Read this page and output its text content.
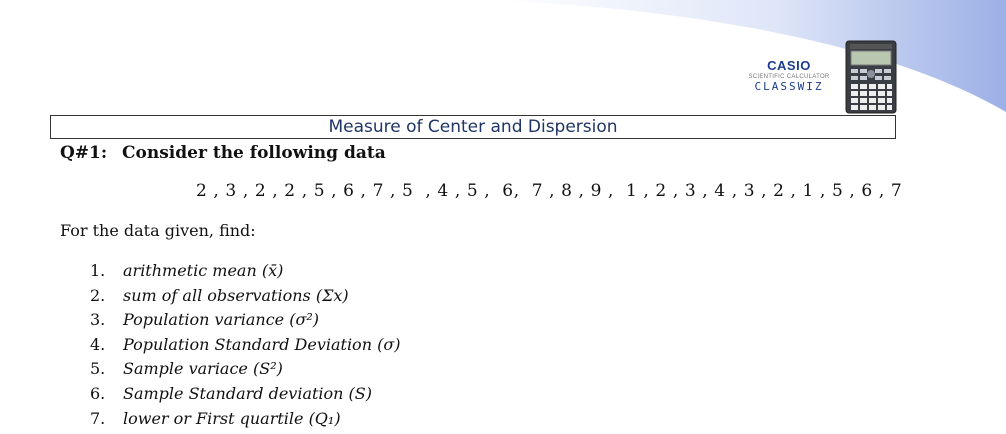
CASIO
SCIENTIFIC CALCULATOR
CLASSWIZ
Measure of Center and Dispersion
Q#1: Consider the following data
2 , 3 , 2 , 2 , 5 , 6 , 7 , 5  , 4 , 5 ,  6,  7 , 8 , 9 ,  1 , 2 , 3 , 4 , 3 , 2 , 1 , 5 , 6 , 7
For the data given, find:
1. arithmetic mean (x̄)
2. sum of all observations (Σx)
3. Population variance (σ²)
4. Population Standard Deviation (σ)
5. Sample variace (S²)
6. Sample Standard deviation (S)
7. lower or First quartile (Q₁)
